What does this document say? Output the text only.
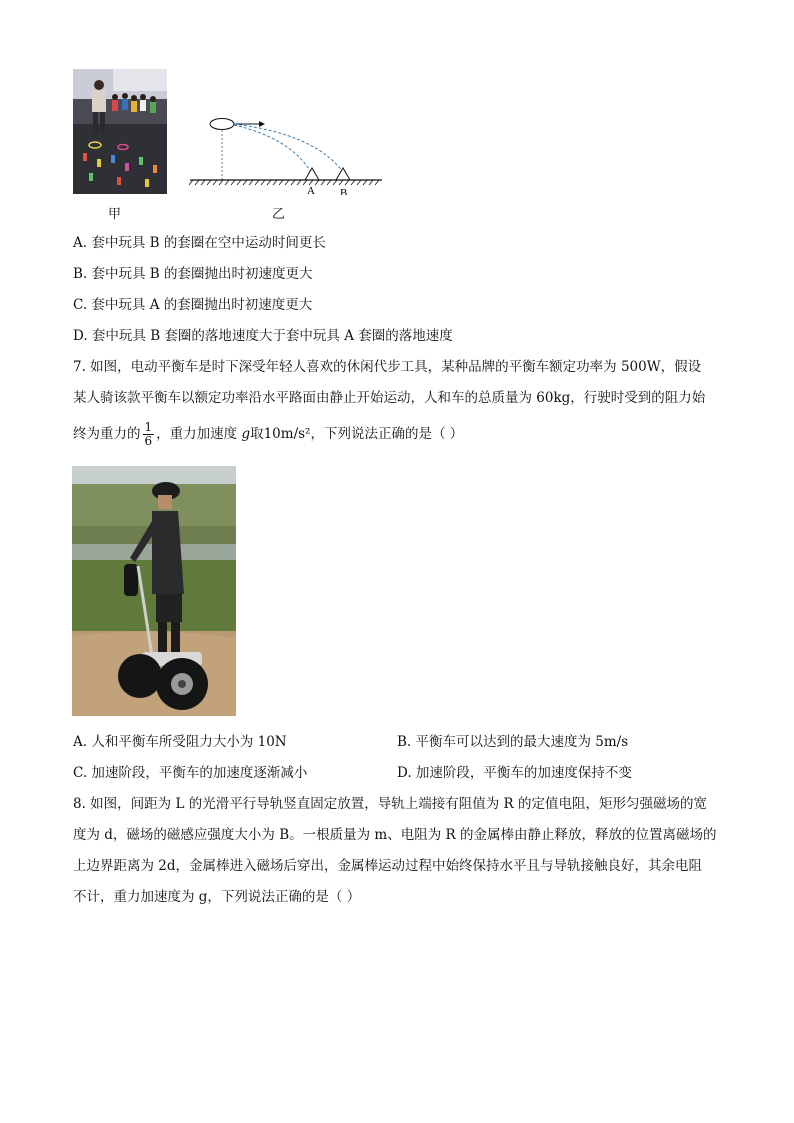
甲
A B
乙
A. 套中玩具 B 的套圈在空中运动时间更长
B. 套中玩具 B 的套圈抛出时初速度更大
C. 套中玩具 A 的套圈抛出时初速度更大
D. 套中玩具 B 套圈的落地速度大于套中玩具 A 套圈的落地速度
7. 如图，电动平衡车是时下深受年轻人喜欢的休闲代步工具，某种品牌的平衡车额定功率为 500W，假设
某人骑该款平衡车以额定功率沿水平路面由静止开始运动，人和车的总质量为 60kg，行驶时受到的阻力始
终为重力的 $\frac{1}{6}$ ，重力加速度 g取10m/s²，下列说法正确的是（ ）
A. 人和平衡车所受阻力大小为 10N	B. 平衡车可以达到的最大速度为 5m/s
C. 加速阶段，平衡车的加速度逐渐减小	D. 加速阶段，平衡车的加速度保持不变
8. 如图，间距为 L 的光滑平行导轨竖直固定放置，导轨上端接有阻值为 R 的定值电阻，矩形匀强磁场的宽
度为 d，磁场的磁感应强度大小为 B。一根质量为 m、电阻为 R 的金属棒由静止释放，释放的位置离磁场的
上边界距离为 2d，金属棒进入磁场后穿出，金属棒运动过程中始终保持水平且与导轨接触良好，其余电阻
不计，重力加速度为 g，下列说法正确的是（ ）
